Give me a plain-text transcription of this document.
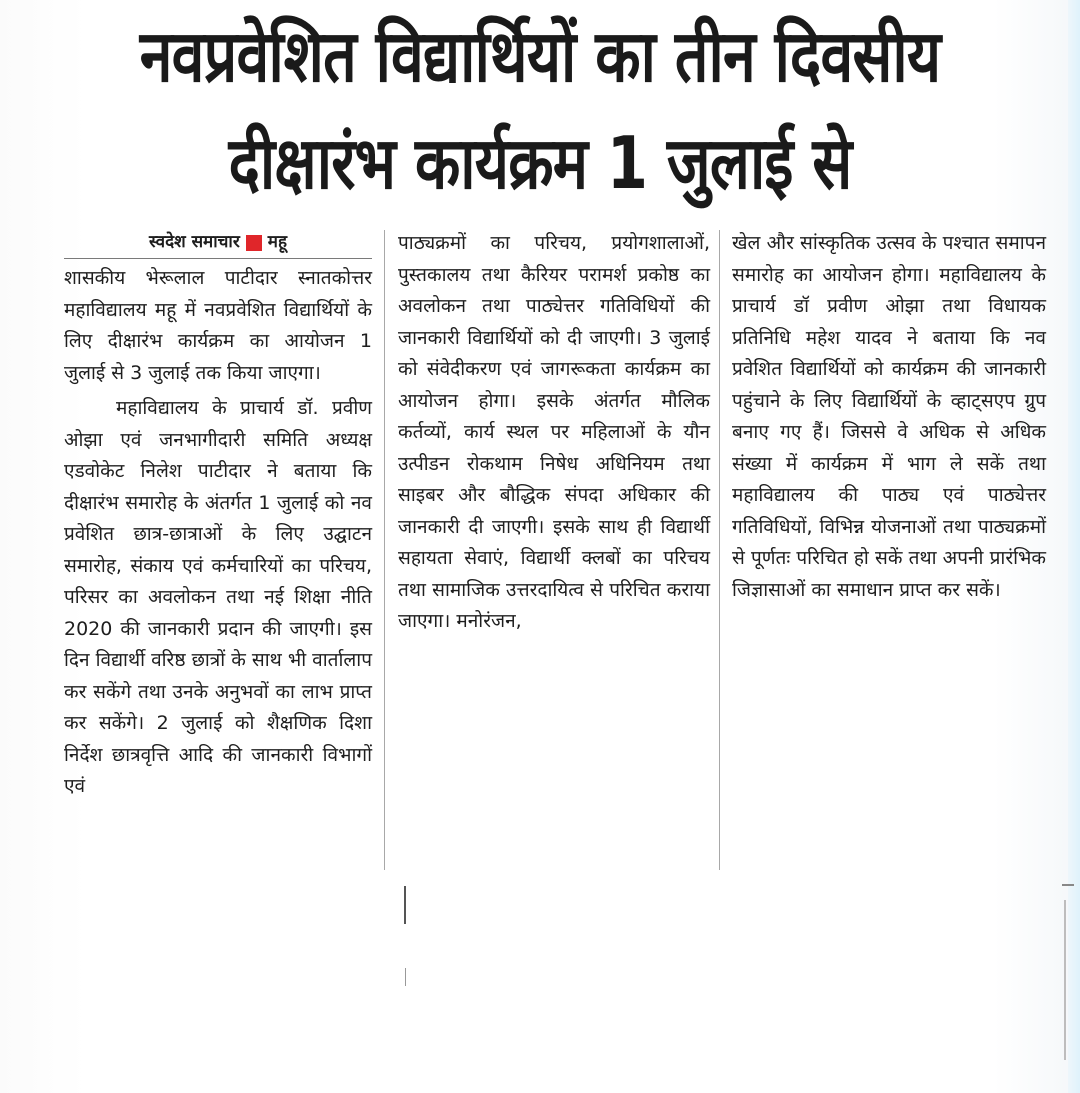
नवप्रवेशित विद्यार्थियों का तीन दिवसीय
दीक्षारंभ कार्यक्रम 1 जुलाई से
स्वदेश समाचार महू

शासकीय भेरूलाल पाटीदार स्नातकोत्तर महाविद्यालय महू में नवप्रवेशित विद्यार्थियों के लिए दीक्षारंभ कार्यक्रम का आयोजन 1 जुलाई से 3 जुलाई तक किया जाएगा।

महाविद्यालय के प्राचार्य डॉ. प्रवीण ओझा एवं जनभागीदारी समिति अध्यक्ष एडवोकेट निलेश पाटीदार ने बताया कि दीक्षारंभ समारोह के अंतर्गत 1 जुलाई को नव प्रवेशित छात्र-छात्राओं के लिए उद्घाटन समारोह, संकाय एवं कर्मचारियों का परिचय, परिसर का अवलोकन तथा नई शिक्षा नीति 2020 की जानकारी प्रदान की जाएगी। इस दिन विद्यार्थी वरिष्ठ छात्रों के साथ भी वार्तालाप कर सकेंगे तथा उनके अनुभवों का लाभ प्राप्त कर सकेंगे। 2 जुलाई को शैक्षणिक दिशा निर्देश छात्रवृत्ति आदि की जानकारी विभागों एवं

पाठ्यक्रमों का परिचय, प्रयोगशालाओं, पुस्तकालय तथा कैरियर परामर्श प्रकोष्ठ का अवलोकन तथा पाठ्येत्तर गतिविधियों की जानकारी विद्यार्थियों को दी जाएगी। 3 जुलाई को संवेदीकरण एवं जागरूकता कार्यक्रम का आयोजन होगा। इसके अंतर्गत मौलिक कर्तव्यों, कार्य स्थल पर महिलाओं के यौन उत्पीडन रोकथाम निषेध अधिनियम तथा साइबर और बौद्धिक संपदा अधिकार की जानकारी दी जाएगी। इसके साथ ही विद्यार्थी सहायता सेवाएं, विद्यार्थी क्लबों का परिचय तथा सामाजिक उत्तरदायित्व से परिचित कराया जाएगा। मनोरंजन,

खेल और सांस्कृतिक उत्सव के पश्चात समापन समारोह का आयोजन होगा। महाविद्यालय के प्राचार्य डॉ प्रवीण ओझा तथा विधायक प्रतिनिधि महेश यादव ने बताया कि नव प्रवेशित विद्यार्थियों को कार्यक्रम की जानकारी पहुंचाने के लिए विद्यार्थियों के व्हाट्सएप ग्रुप बनाए गए हैं। जिससे वे अधिक से अधिक संख्या में कार्यक्रम में भाग ले सकें तथा महाविद्यालय की पाठ्य एवं पाठ्येत्तर गतिविधियों, विभिन्न योजनाओं तथा पाठ्यक्रमों से पूर्णतः परिचित हो सकें तथा अपनी प्रारंभिक जिज्ञासाओं का समाधान प्राप्त कर सकें।
